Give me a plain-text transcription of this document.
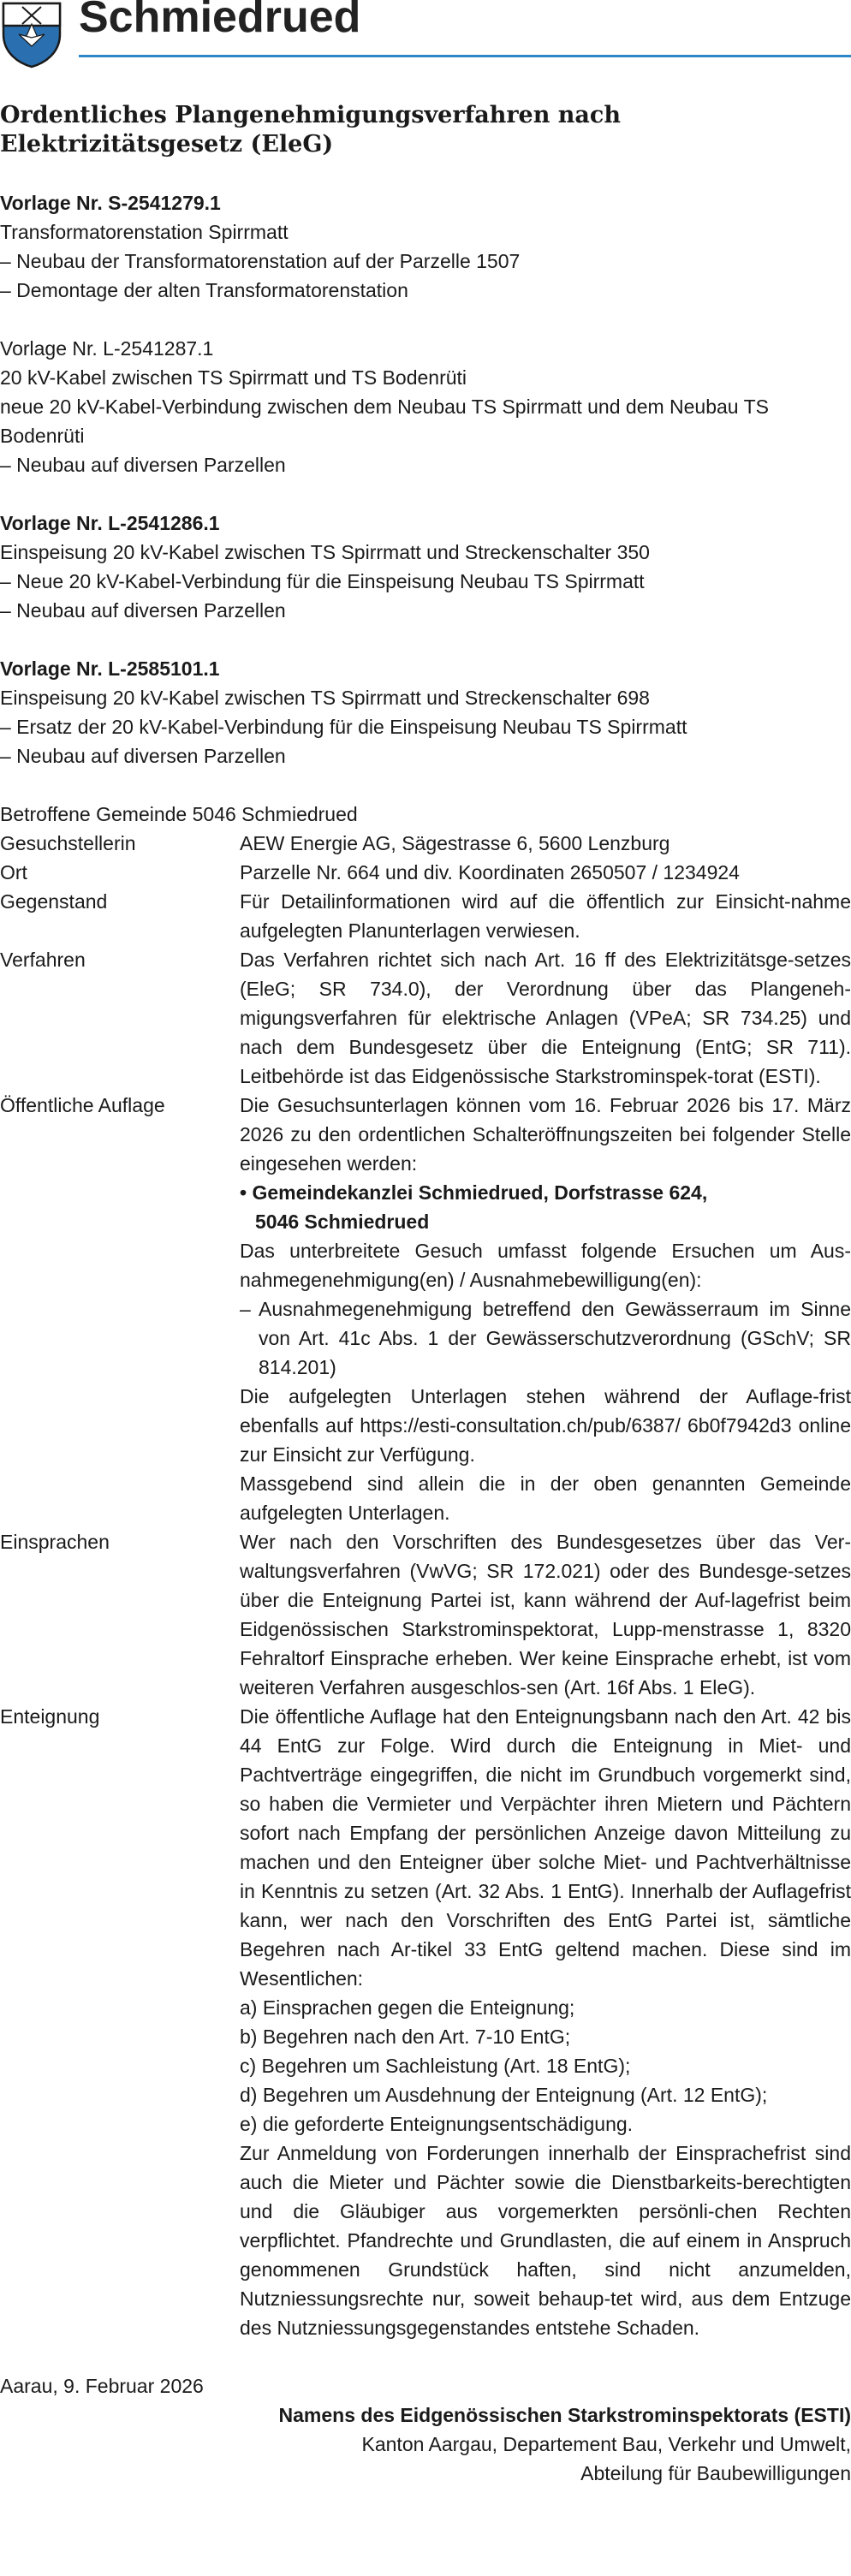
Schmiedrued
Ordentliches Plangenehmigungsverfahren nach
Elektrizitätsgesetz (EleG)

Vorlage Nr. S-2541279.1

Transformatorenstation Spirrmatt

– Neubau der Transformatorenstation auf der Parzelle 1507

– Demontage der alten Transformatorenstation

Vorlage Nr. L-2541287.1

20 kV-Kabel zwischen TS Spirrmatt und TS Bodenrüti

neue 20 kV-Kabel-Verbindung zwischen dem Neubau TS Spirrmatt und dem Neubau TS Bodenrüti

– Neubau auf diversen Parzellen

Vorlage Nr. L-2541286.1

Einspeisung 20 kV-Kabel zwischen TS Spirrmatt und Streckenschalter 350

– Neue 20 kV-Kabel-Verbindung für die Einspeisung Neubau TS Spirrmatt

– Neubau auf diversen Parzellen

Vorlage Nr. L-2585101.1

Einspeisung 20 kV-Kabel zwischen TS Spirrmatt und Streckenschalter 698

– Ersatz der 20 kV-Kabel-Verbindung für die Einspeisung Neubau TS Spirrmatt

– Neubau auf diversen Parzellen

Betroffene Gemeinde 5046 Schmiedrued

Gesuchstellerin	AEW Energie AG, Sägestrasse 6, 5600 Lenzburg
Ort	Parzelle Nr. 664 und div. Koordinaten 2650507 / 1234924
Gegenstand	Für Detailinformationen wird auf die öffentlich zur Einsicht-nahme aufgelegten Planunterlagen verwiesen.
Verfahren	Das Verfahren richtet sich nach Art. 16 ff des Elektrizitätsge-setzes (EleG; SR 734.0), der Verordnung über das Plangeneh-migungsverfahren für elektrische Anlagen (VPeA; SR 734.25) und nach dem Bundesgesetz über die Enteignung (EntG; SR 711). Leitbehörde ist das Eidgenössische Starkstrominspek-torat (ESTI).
Öffentliche Auflage	Die Gesuchsunterlagen können vom 16. Februar 2026 bis 17. März 2026 zu den ordentlichen Schalteröffnungszeiten bei folgender Stelle eingesehen werden:

• Gemeindekanzlei Schmiedrued, Dorfstrasse 624,
5046 Schmiedrued

Das unterbreitete Gesuch umfasst folgende Ersuchen um Aus-nahmegenehmigung(en) / Ausnahmebewilligung(en):

– Ausnahmegenehmigung betreffend den Gewässerraum im Sinne von Art. 41c Abs. 1 der Gewässerschutzverordnung (GSchV; SR 814.201)

Die aufgelegten Unterlagen stehen während der Auflage-frist ebenfalls auf https://esti-consultation.ch/pub/6387/ 6b0f7942d3 online zur Einsicht zur Verfügung.

Massgebend sind allein die in der oben genannten Gemeinde aufgelegten Unterlagen.

Einsprachen	Wer nach den Vorschriften des Bundesgesetzes über das Ver-waltungsverfahren (VwVG; SR 172.021) oder des Bundesge-setzes über die Enteignung Partei ist, kann während der Auf-lagefrist beim Eidgenössischen Starkstrominspektorat, Lupp-menstrasse 1, 8320 Fehraltorf Einsprache erheben. Wer keine Einsprache erhebt, ist vom weiteren Verfahren ausgeschlos-sen (Art. 16f Abs. 1 EleG).
Enteignung	Die öffentliche Auflage hat den Enteignungsbann nach den Art. 42 bis 44 EntG zur Folge. Wird durch die Enteignung in Miet- und Pachtverträge eingegriffen, die nicht im Grundbuch vorgemerkt sind, so haben die Vermieter und Verpächter ihren Mietern und Pächtern sofort nach Empfang der persönlichen Anzeige davon Mitteilung zu machen und den Enteigner über solche Miet- und Pachtverhältnisse in Kenntnis zu setzen (Art. 32 Abs. 1 EntG). Innerhalb der Auflagefrist kann, wer nach den Vorschriften des EntG Partei ist, sämtliche Begehren nach Ar-tikel 33 EntG geltend machen. Diese sind im Wesentlichen:

a) Einsprachen gegen die Enteignung;

b) Begehren nach den Art. 7-10 EntG;

c) Begehren um Sachleistung (Art. 18 EntG);

d) Begehren um Ausdehnung der Enteignung (Art. 12 EntG);

e) die geforderte Enteignungsentschädigung.

Zur Anmeldung von Forderungen innerhalb der Einsprachefrist sind auch die Mieter und Pächter sowie die Dienstbarkeits-berechtigten und die Gläubiger aus vorgemerkten persönli-chen Rechten verpflichtet. Pfandrechte und Grundlasten, die auf einem in Anspruch genommenen Grundstück haften, sind nicht anzumelden, Nutzniessungsrechte nur, soweit behaup-tet wird, aus dem Entzuge des Nutzniessungsgegenstandes entstehe Schaden.

Aarau, 9. Februar 2026

Namens des Eidgenössischen Starkstrominspektorats (ESTI)

Kanton Aargau, Departement Bau, Verkehr und Umwelt,

Abteilung für Baubewilligungen
